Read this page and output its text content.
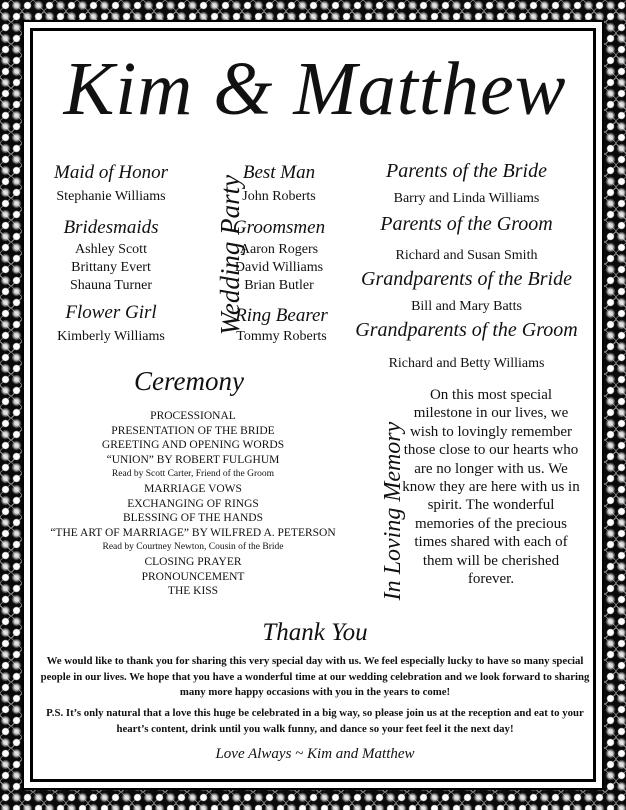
Kim & Matthew
Maid of Honor
Stephanie Williams
Bridesmaids
Ashley Scott
Brittany Evert
Shauna Turner
Flower Girl
Kimberly Williams
Wedding Party
Best Man
John Roberts
Groomsmen
Aaron Rogers
David Williams
Brian Butler
Ring Bearer
Tommy Roberts
Parents of the Bride
Barry and Linda Williams
Parents of the Groom
Richard and Susan Smith
Grandparents of the Bride
Bill and Mary Batts
Grandparents of the Groom
Richard and Betty Williams
Ceremony
PROCESSIONAL
PRESENTATION OF THE BRIDE
GREETING AND OPENING WORDS
“UNION” BY ROBERT FULGHUM
Read by Scott Carter, Friend of the Groom
MARRIAGE VOWS
EXCHANGING OF RINGS
BLESSING OF THE HANDS
“THE ART OF MARRIAGE” BY WILFRED A. PETERSON
Read by Courtney Newton, Cousin of the Bride
CLOSING PRAYER
PRONOUNCEMENT
THE KISS	In Loving Memory
On this most special milestone in our lives, we wish to lovingly remember those close to our hearts who are no longer with us. We know they are here with us in spirit. The wonderful memories of the precious times shared with each of them will be cherished forever.
Thank You
We would like to thank you for sharing this very special day with us. We feel especially lucky to have so many special people in our lives. We hope that you have a wonderful time at our wedding celebration and we look forward to sharing many more happy occasions with you in the years to come!
P.S. It’s only natural that a love this huge be celebrated in a big way, so please join us at the reception and eat to your heart’s content, drink until you walk funny, and dance so your feet feel it the next day!
Love Always ~ Kim and Matthew
